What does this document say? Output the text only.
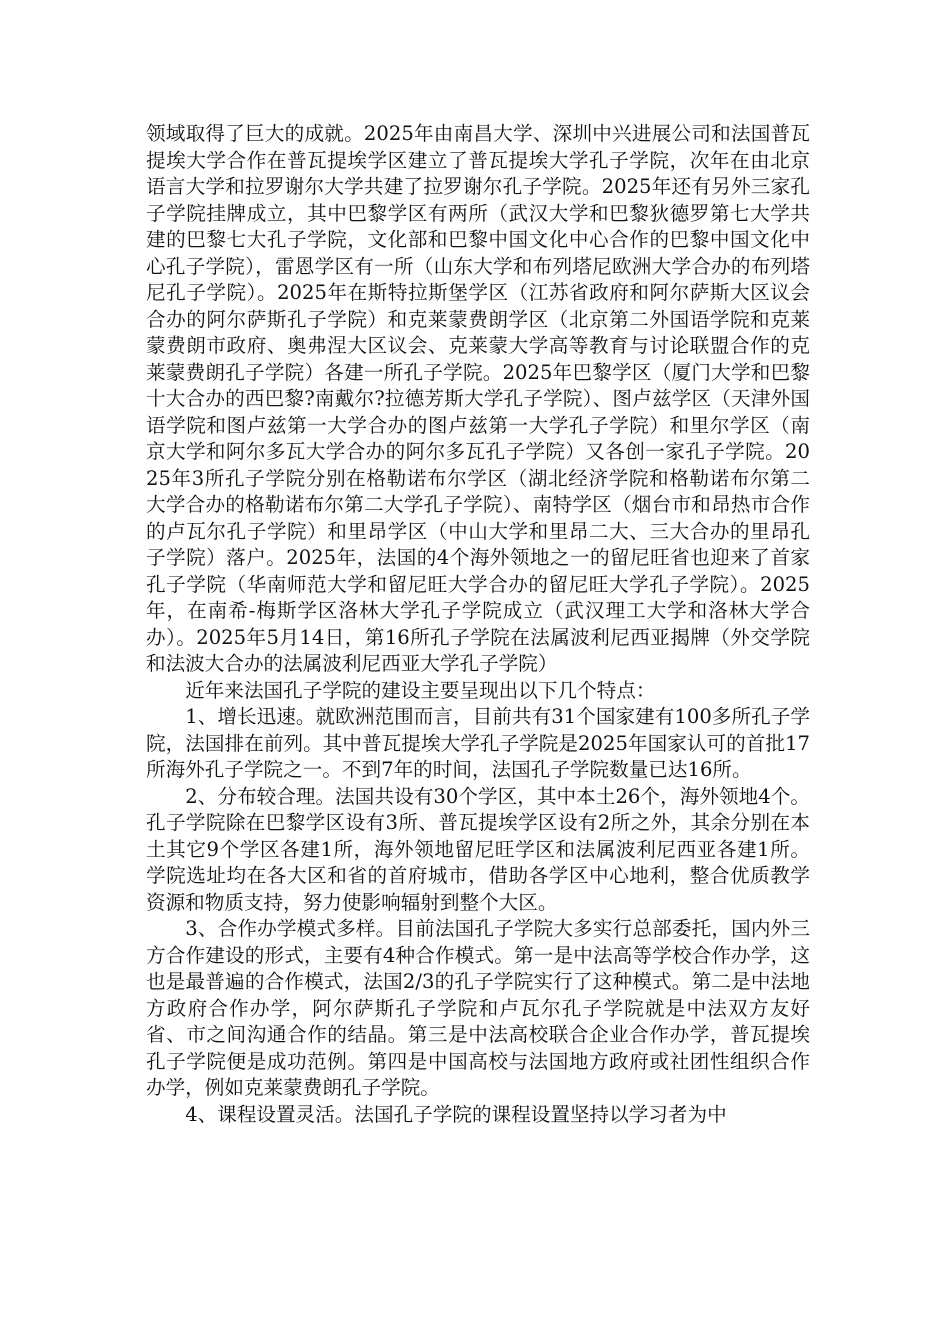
领域取得了巨大的成就。2025年由南昌大学、深圳中兴进展公司和法国普瓦提埃大学合作在普瓦提埃学区建立了普瓦提埃大学孔子学院，次年在由北京语言大学和拉罗谢尔大学共建了拉罗谢尔孔子学院。2025年还有另外三家孔子学院挂牌成立，其中巴黎学区有两所（武汉大学和巴黎狄德罗第七大学共建的巴黎七大孔子学院，文化部和巴黎中国文化中心合作的巴黎中国文化中心孔子学院），雷恩学区有一所（山东大学和布列塔尼欧洲大学合办的布列塔尼孔子学院）。2025年在斯特拉斯堡学区（江苏省政府和阿尔萨斯大区议会合办的阿尔萨斯孔子学院）和克莱蒙费朗学区（北京第二外国语学院和克莱蒙费朗市政府、奥弗涅大区议会、克莱蒙大学高等教育与讨论联盟合作的克莱蒙费朗孔子学院）各建一所孔子学院。2025年巴黎学区（厦门大学和巴黎十大合办的西巴黎?南戴尔?拉德芳斯大学孔子学院）、图卢兹学区（天津外国语学院和图卢兹第一大学合办的图卢兹第一大学孔子学院）和里尔学区（南京大学和阿尔多瓦大学合办的阿尔多瓦孔子学院）又各创一家孔子学院。2025年3所孔子学院分别在格勒诺布尔学区（湖北经济学院和格勒诺布尔第二大学合办的格勒诺布尔第二大学孔子学院）、南特学区（烟台市和昂热市合作的卢瓦尔孔子学院）和里昂学区（中山大学和里昂二大、三大合办的里昂孔子学院）落户。2025年，法国的4个海外领地之一的留尼旺省也迎来了首家孔子学院（华南师范大学和留尼旺大学合办的留尼旺大学孔子学院）。2025年，在南希-梅斯学区洛林大学孔子学院成立（武汉理工大学和洛林大学合办）。2025年5月14日，第16所孔子学院在法属波利尼西亚揭牌（外交学院和法波大合办的法属波利尼西亚大学孔子学院）

近年来法国孔子学院的建设主要呈现出以下几个特点：

1、增长迅速。就欧洲范围而言，目前共有31个国家建有100多所孔子学院，法国排在前列。其中普瓦提埃大学孔子学院是2025年国家认可的首批17所海外孔子学院之一。不到7年的时间，法国孔子学院数量已达16所。

2、分布较合理。法国共设有30个学区，其中本土26个，海外领地4个。孔子学院除在巴黎学区设有3所、普瓦提埃学区设有2所之外，其余分别在本土其它9个学区各建1所，海外领地留尼旺学区和法属波利尼西亚各建1所。学院选址均在各大区和省的首府城市，借助各学区中心地利，整合优质教学资源和物质支持，努力使影响辐射到整个大区。

3、合作办学模式多样。目前法国孔子学院大多实行总部委托，国内外三方合作建设的形式，主要有4种合作模式。第一是中法高等学校合作办学，这也是最普遍的合作模式，法国2/3的孔子学院实行了这种模式。第二是中法地方政府合作办学，阿尔萨斯孔子学院和卢瓦尔孔子学院就是中法双方友好省、市之间沟通合作的结晶。第三是中法高校联合企业合作办学，普瓦提埃孔子学院便是成功范例。第四是中国高校与法国地方政府或社团性组织合作办学，例如克莱蒙费朗孔子学院。

4、课程设置灵活。法国孔子学院的课程设置坚持以学习者为中
